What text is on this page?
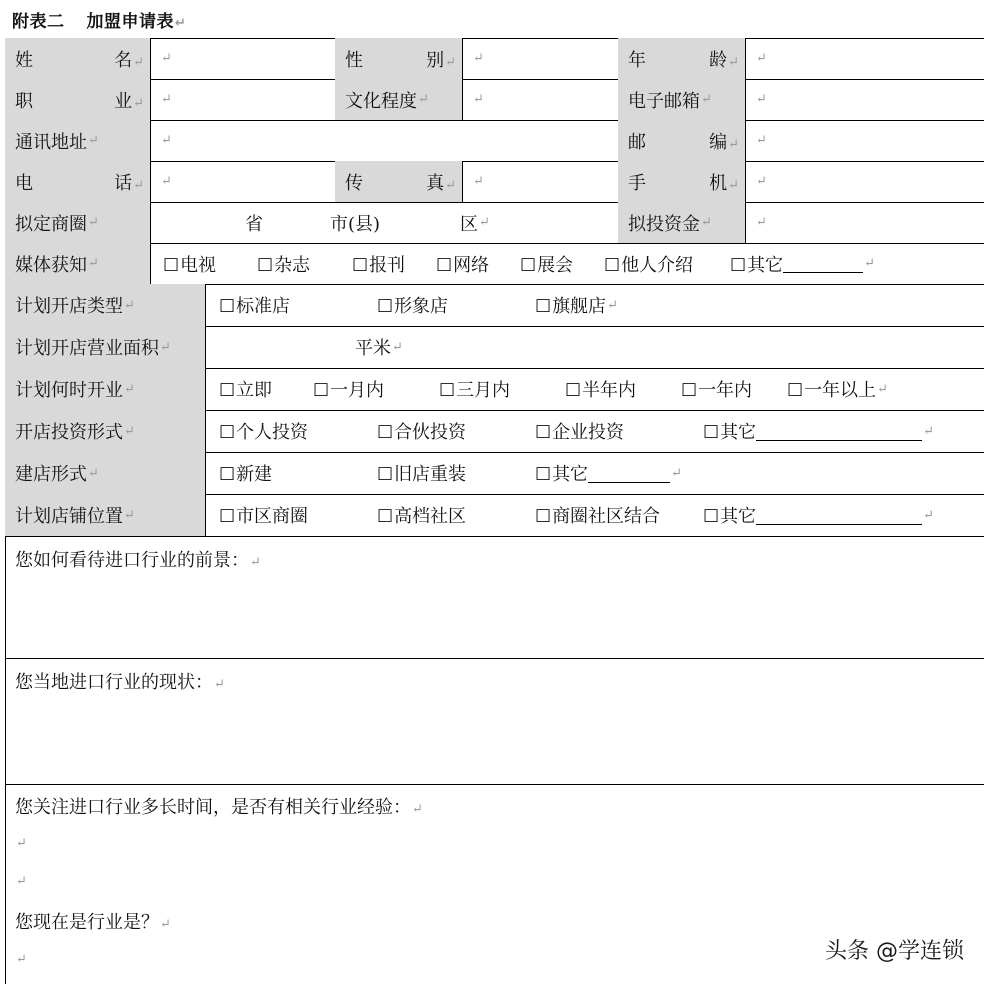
附表二 加盟申请表↵
姓	名↵ ↵	性	别↵ ↵	年	龄↵ ↵
职	业↵ ↵	文化程度 ↵	↵	电子邮箱 ↵	↵
通讯地址 ↵	↵	邮	编↵ ↵
电	话↵ ↵	传	真↵ ↵	手	机↵ ↵
拟定商圈 ↵	省	市(县)	区 ↵	拟投资金 ↵	↵
媒体获知 ↵	□ 电视 □ 杂志 □ 报刊 □ 网络 □ 展会 □ 他人介绍 □ 其它	↵
计划开店类型 ↵	□ 标准店	□ 形象店	□ 旗舰店 ↵
计划开店营业面积 ↵	平米 ↵
计划何时开业 ↵	□ 立即 □ 一月内	□ 三月内	□ 半年内	□ 一年内 □ 一年以上 ↵
开店投资形式 ↵	□ 个人投资	□ 合伙投资	□ 企业投资	□ 其它	↵
建店形式 ↵	□ 新建	□ 旧店重装	□ 其它	↵
计划店铺位置 ↵	□ 市区商圈	□ 高档社区	□ 商圈社区结合	□ 其它	↵
您如何看待进口行业的前景：↵
您当地进口行业的现状：↵
您关注进口行业多长时间，是否有相关行业经验：↵
↵
↵
您现在是行业是？↵
↵	头条 @学连锁
